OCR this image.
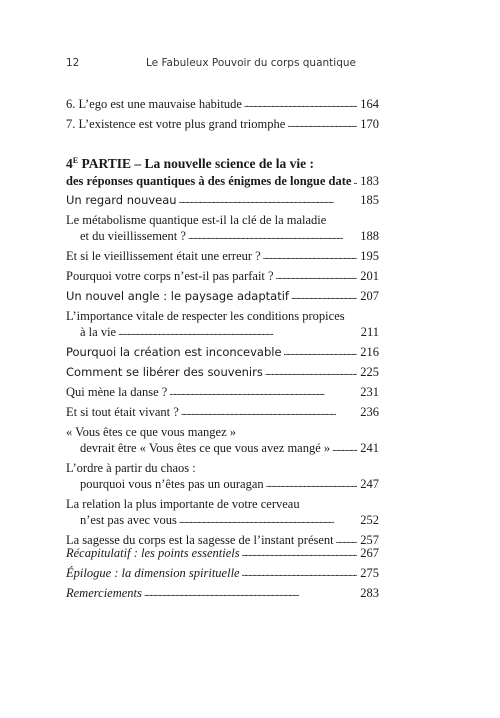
12	Le Fabuleux Pouvoir du corps quantique
6. L’ego est une mauvaise habitude . . .	164
7. L’existence est votre plus grand triomphe . . .	170
$4^E$ PARTIE – La nouvelle science de la vie :
des réponses quantiques à des énigmes de longue date . . . 183
Un regard nouveau . . .	185
Le métabolisme quantique est-il la clé de la maladie
et du vieillissement ? . . .	188
Et si le vieillissement était une erreur ? . . .	195
Pourquoi votre corps n’est-il pas parfait ? . . .	201
Un nouvel angle : le paysage adaptatif . . .	207
L’importance vitale de respecter les conditions propices
à la vie . . .	211
Pourquoi la création est inconcevable . . .	216
Comment se libérer des souvenirs . . .	225
Qui mène la danse ? . . .	231
Et si tout était vivant ? . . .	236
« Vous êtes ce que vous mangez »
devrait être « Vous êtes ce que vous avez mangé » . . . 241
L’ordre à partir du chaos :
pourquoi vous n’êtes pas un ouragan . . .	247
La relation la plus importante de votre cerveau
n’est pas avec vous . . .	252
La sagesse du corps est la sagesse de l’instant présent . . . 257
Récapitulatif : les points essentiels . . .	267
Épilogue : la dimension spirituelle . . .	275
Remerciements . . .	283
